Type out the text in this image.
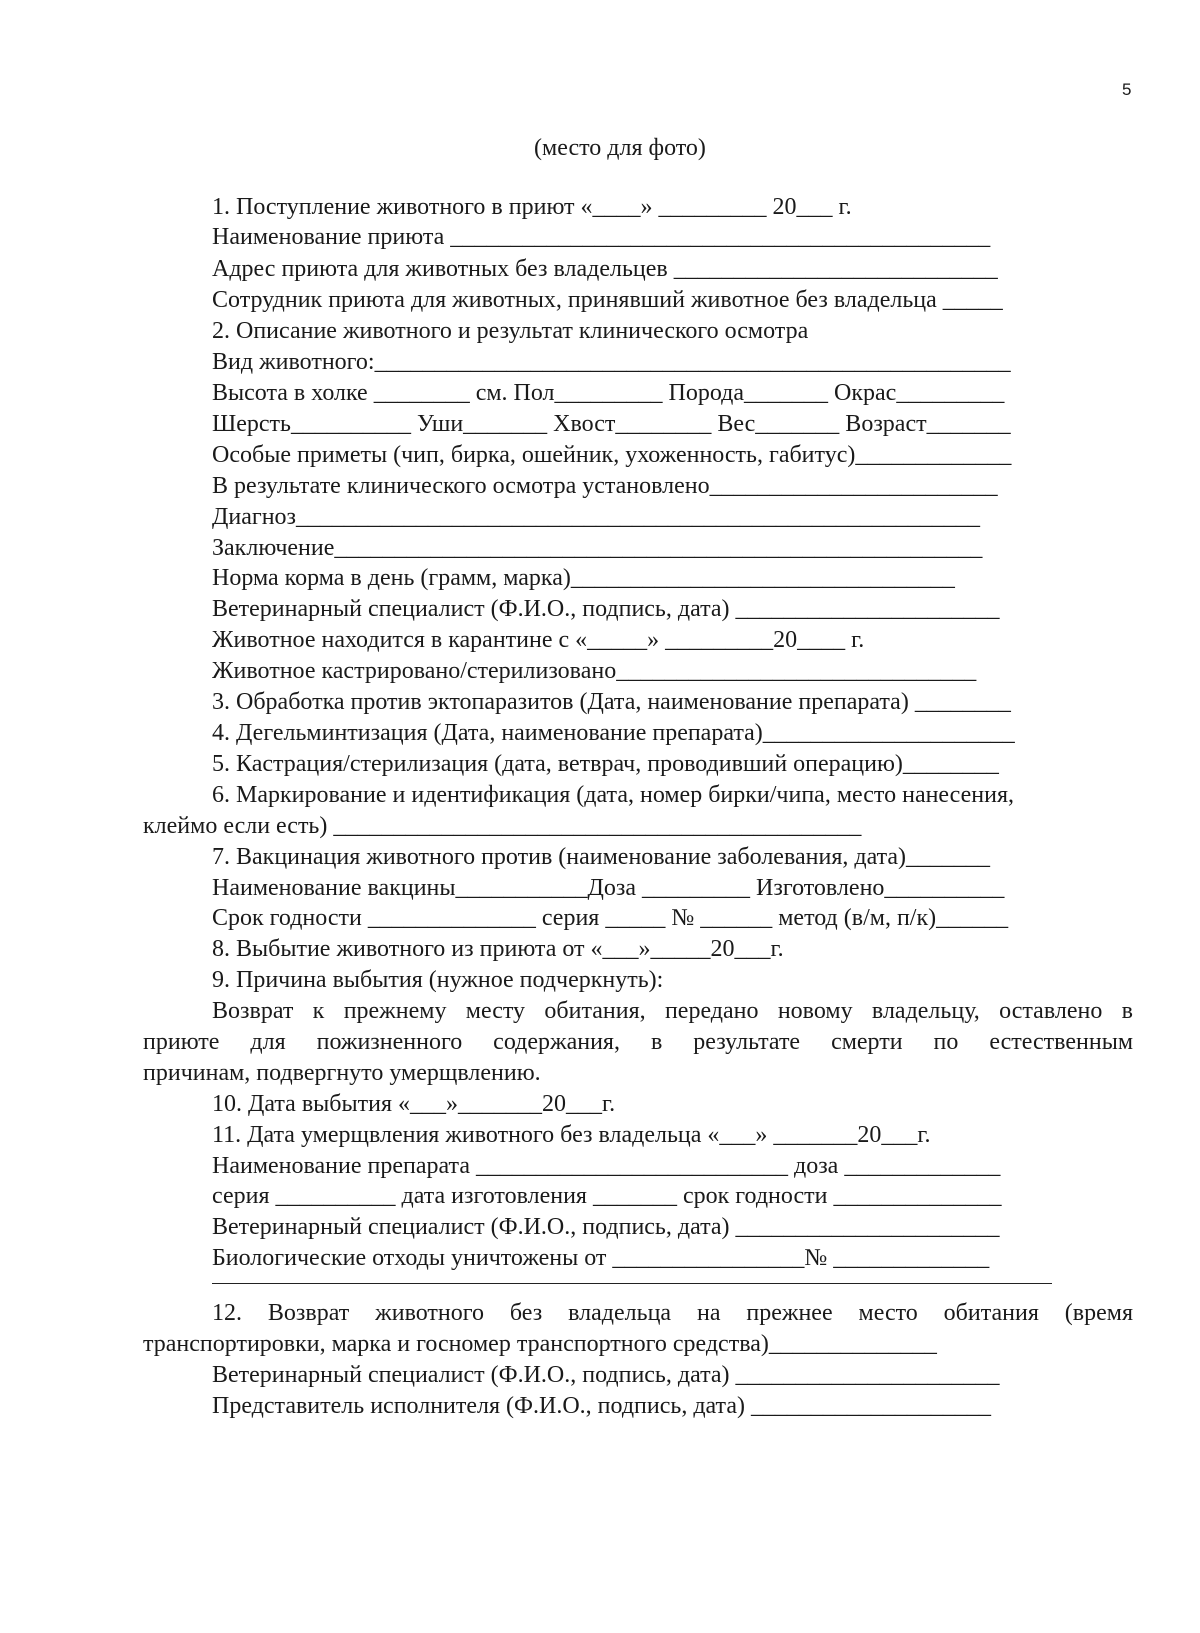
5
(место для фото)
1. Поступление животного в приют «____» _________ 20___ г.
Наименование приюта _____________________________________________
Адрес приюта для животных без владельцев ___________________________
Сотрудник приюта для животных, принявший животное без владельца _____
2. Описание животного и результат клинического осмотра
Вид животного:_____________________________________________________
Высота в холке ________ см. Пол_________ Порода_______ Окрас_________
Шерсть__________ Уши_______ Хвост________ Вес_______ Возраст_______
Особые приметы (чип, бирка, ошейник, ухоженность, габитус)_____________
В результате клинического осмотра установлено________________________
Диагноз_________________________________________________________
Заключение______________________________________________________
Норма корма в день (грамм, марка)________________________________
Ветеринарный специалист (Ф.И.О., подпись, дата) ______________________
Животное находится в карантине с «_____» _________20____ г.
Животное кастрировано/стерилизовано______________________________
3. Обработка против эктопаразитов (Дата, наименование препарата) ________
4. Дегельминтизация (Дата, наименование препарата)_____________________
5. Кастрация/стерилизация (дата, ветврач, проводивший операцию)________
6. Маркирование и идентификация (дата, номер бирки/чипа, место нанесения,
клеймо если есть) ____________________________________________
7. Вакцинация животного против (наименование заболевания, дата)_______
Наименование вакцины___________Доза _________ Изготовлено__________
Срок годности ______________ серия _____ № ______ метод (в/м, п/к)______
8. Выбытие животного из приюта от «___»_____20___г.
9. Причина выбытия (нужное подчеркнуть):
Возврат к прежнему месту обитания, передано новому владельцу, оставлено в
приюте для пожизненного содержания, в результате смерти по естественным
причинам, подвергнуто умерщвлению.
10. Дата выбытия «___»_______20___г.
11. Дата умерщвления животного без владельца «___» _______20___г.
Наименование препарата __________________________ доза _____________
серия __________ дата изготовления _______ срок годности ______________
Ветеринарный специалист (Ф.И.О., подпись, дата) ______________________
Биологические отходы уничтожены от ________________№ _____________
12. Возврат животного без владельца на прежнее место обитания (время
транспортировки, марка и госномер транспортного средства)______________
Ветеринарный специалист (Ф.И.О., подпись, дата) ______________________
Представитель исполнителя (Ф.И.О., подпись, дата) ____________________
